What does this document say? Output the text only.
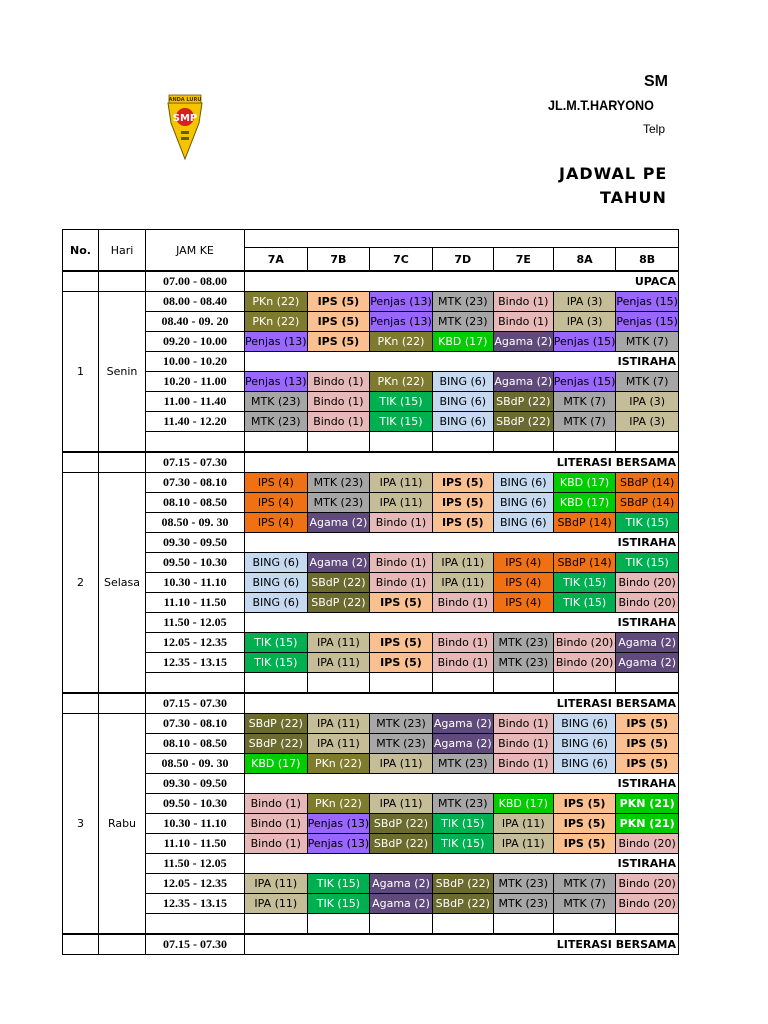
SM
JL.M.T.HARYONO
Telp
JADWAL PE
TAHUN
ANDA LURU
SMP
No.	Hari	JAM KE							
			7A	7B	7C	7D	7E	8A	8B
		07.00 - 08.00	UPACA						
1	Senin	08.00 - 08.40	PKn (22)	IPS (5)	Penjas (13)	MTK (23)	Bindo (1)	IPA (3)	Penjas (15)
		08.40 - 09. 20	PKn (22)	IPS (5)	Penjas (13)	MTK (23)	Bindo (1)	IPA (3)	Penjas (15)
		09.20 - 10.00	Penjas (13)	IPS (5)	PKn (22)	KBD (17)	Agama (2)	Penjas (15)	MTK (7)
		10.00 - 10.20	ISTIRAHA						
		10.20 - 11.00	Penjas (13)	Bindo (1)	PKn (22)	BING (6)	Agama (2)	Penjas (15)	MTK (7)
		11.00 - 11.40	MTK (23)	Bindo (1)	TIK (15)	BING (6)	SBdP (22)	MTK (7)	IPA (3)
		11.40 - 12.20	MTK (23)	Bindo (1)	TIK (15)	BING (6)	SBdP (22)	MTK (7)	IPA (3)

		07.15 - 07.30	LITERASI BERSAMA						
2	Selasa	07.30 - 08.10	IPS (4)	MTK (23)	IPA (11)	IPS (5)	BING (6)	KBD (17)	SBdP (14)
		08.10 - 08.50	IPS (4)	MTK (23)	IPA (11)	IPS (5)	BING (6)	KBD (17)	SBdP (14)
		08.50 - 09. 30	IPS (4)	Agama (2)	Bindo (1)	IPS (5)	BING (6)	SBdP (14)	TIK (15)
		09.30 - 09.50	ISTIRAHA						
		09.50 - 10.30	BING (6)	Agama (2)	Bindo (1)	IPA (11)	IPS (4)	SBdP (14)	TIK (15)
		10.30 - 11.10	BING (6)	SBdP (22)	Bindo (1)	IPA (11)	IPS (4)	TIK (15)	Bindo (20)
		11.10 - 11.50	BING (6)	SBdP (22)	IPS (5)	Bindo (1)	IPS (4)	TIK (15)	Bindo (20)
		11.50 - 12.05	ISTIRAHA						
		12.05 - 12.35	TIK (15)	IPA (11)	IPS (5)	Bindo (1)	MTK (23)	Bindo (20)	Agama (2)
		12.35 - 13.15	TIK (15)	IPA (11)	IPS (5)	Bindo (1)	MTK (23)	Bindo (20)	Agama (2)

		07.15 - 07.30	LITERASI BERSAMA						
3	Rabu	07.30 - 08.10	SBdP (22)	IPA (11)	MTK (23)	Agama (2)	Bindo (1)	BING (6)	IPS (5)
		08.10 - 08.50	SBdP (22)	IPA (11)	MTK (23)	Agama (2)	Bindo (1)	BING (6)	IPS (5)
		08.50 - 09. 30	KBD (17)	PKn (22)	IPA (11)	MTK (23)	Bindo (1)	BING (6)	IPS (5)
		09.30 - 09.50	ISTIRAHA						
		09.50 - 10.30	Bindo (1)	PKn (22)	IPA (11)	MTK (23)	KBD (17)	IPS (5)	PKN (21)
		10.30 - 11.10	Bindo (1)	Penjas (13)	SBdP (22)	TIK (15)	IPA (11)	IPS (5)	PKN (21)
		11.10 - 11.50	Bindo (1)	Penjas (13)	SBdP (22)	TIK (15)	IPA (11)	IPS (5)	Bindo (20)
		11.50 - 12.05	ISTIRAHA						
		12.05 - 12.35	IPA (11)	TIK (15)	Agama (2)	SBdP (22)	MTK (23)	MTK (7)	Bindo (20)
		12.35 - 13.15	IPA (11)	TIK (15)	Agama (2)	SBdP (22)	MTK (23)	MTK (7)	Bindo (20)

		07.15 - 07.30	LITERASI BERSAMA						
